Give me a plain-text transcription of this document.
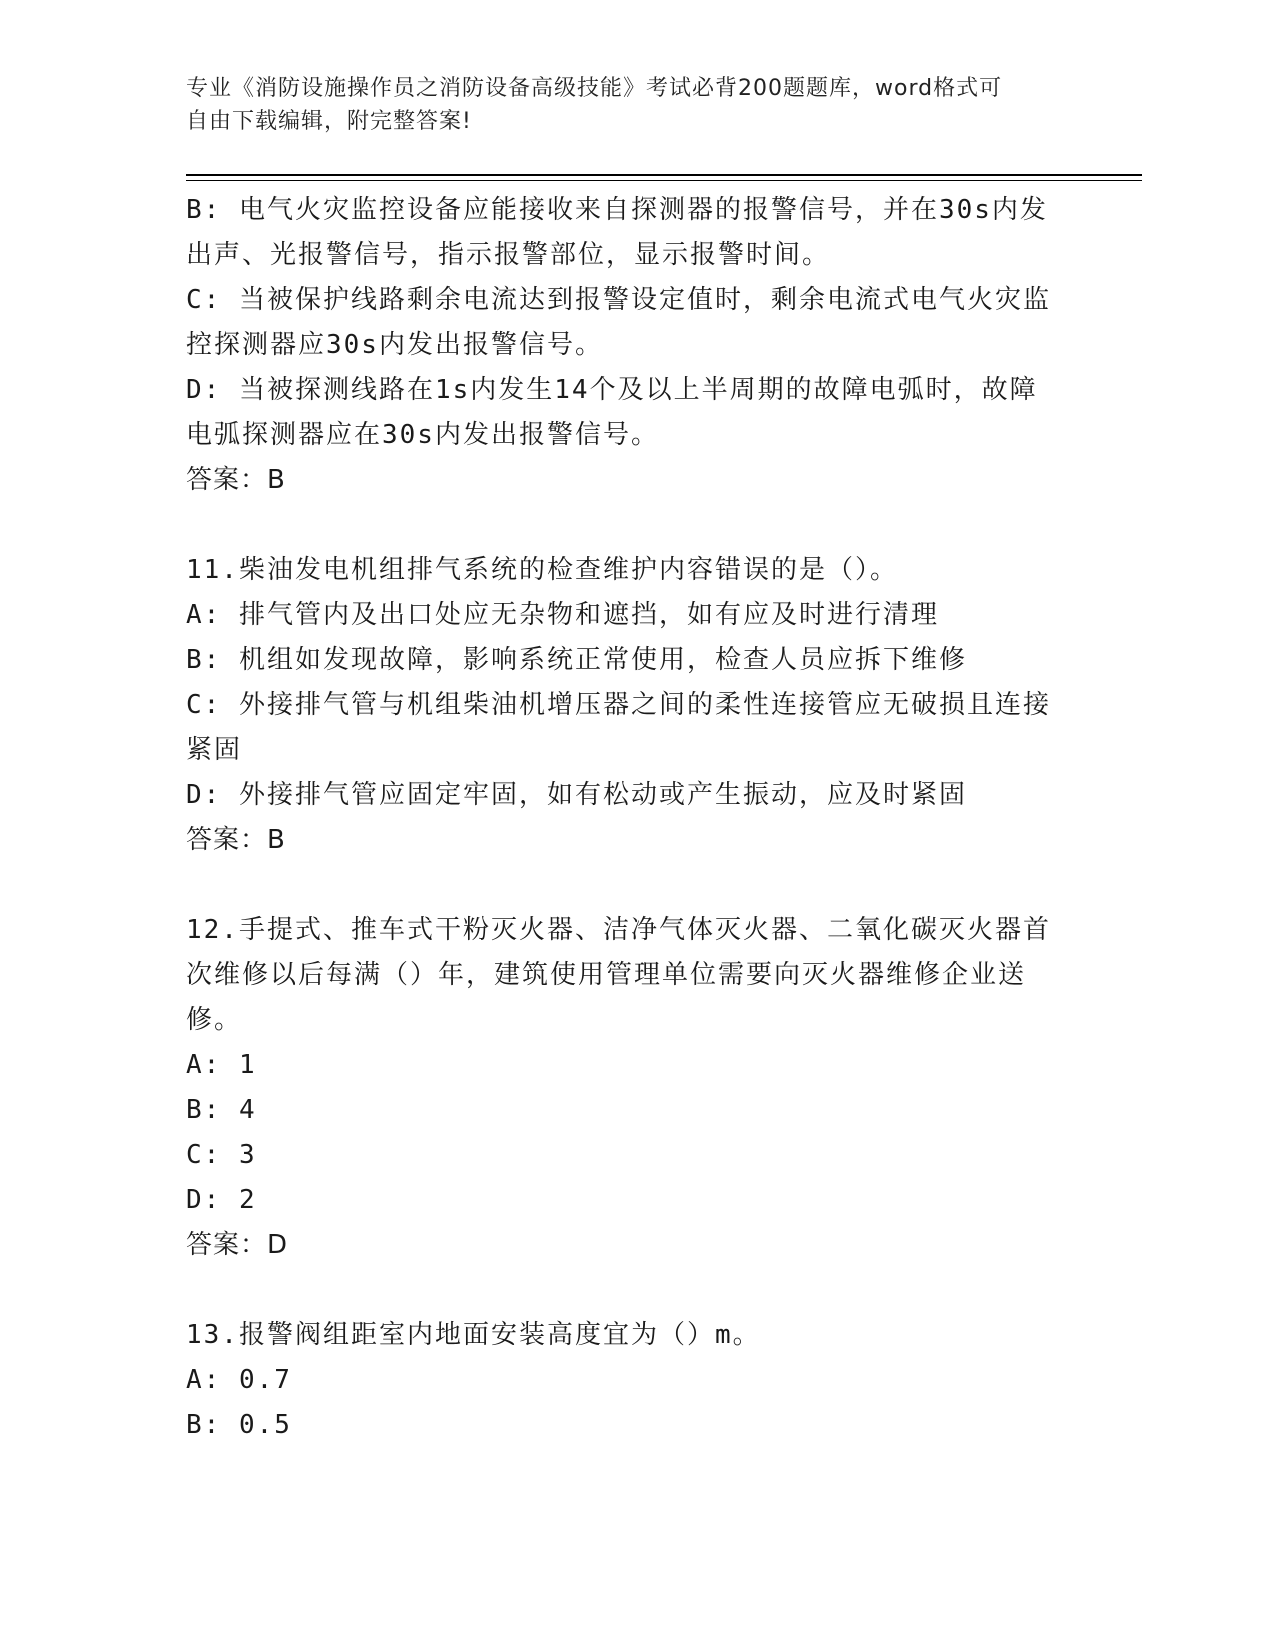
专业《消防设施操作员之消防设备高级技能》考试必背200题题库，word格式可
自由下载编辑，附完整答案!
B: 电气火灾监控设备应能接收来自探测器的报警信号，并在30s内发
出声、光报警信号，指示报警部位，显示报警时间。
C: 当被保护线路剩余电流达到报警设定值时，剩余电流式电气火灾监
控探测器应30s内发出报警信号。
D: 当被探测线路在1s内发生14个及以上半周期的故障电弧时，故障
电弧探测器应在30s内发出报警信号。
答案：B
11.柴油发电机组排气系统的检查维护内容错误的是（）。
A: 排气管内及出口处应无杂物和遮挡，如有应及时进行清理
B: 机组如发现故障，影响系统正常使用，检查人员应拆下维修
C: 外接排气管与机组柴油机增压器之间的柔性连接管应无破损且连接
紧固
D: 外接排气管应固定牢固，如有松动或产生振动，应及时紧固
答案：B
12.手提式、推车式干粉灭火器、洁净气体灭火器、二氧化碳灭火器首
次维修以后每满（）年，建筑使用管理单位需要向灭火器维修企业送
修。
A: 1
B: 4
C: 3
D: 2
答案：D
13.报警阀组距室内地面安装高度宜为（）m。
A: 0.7
B: 0.5
